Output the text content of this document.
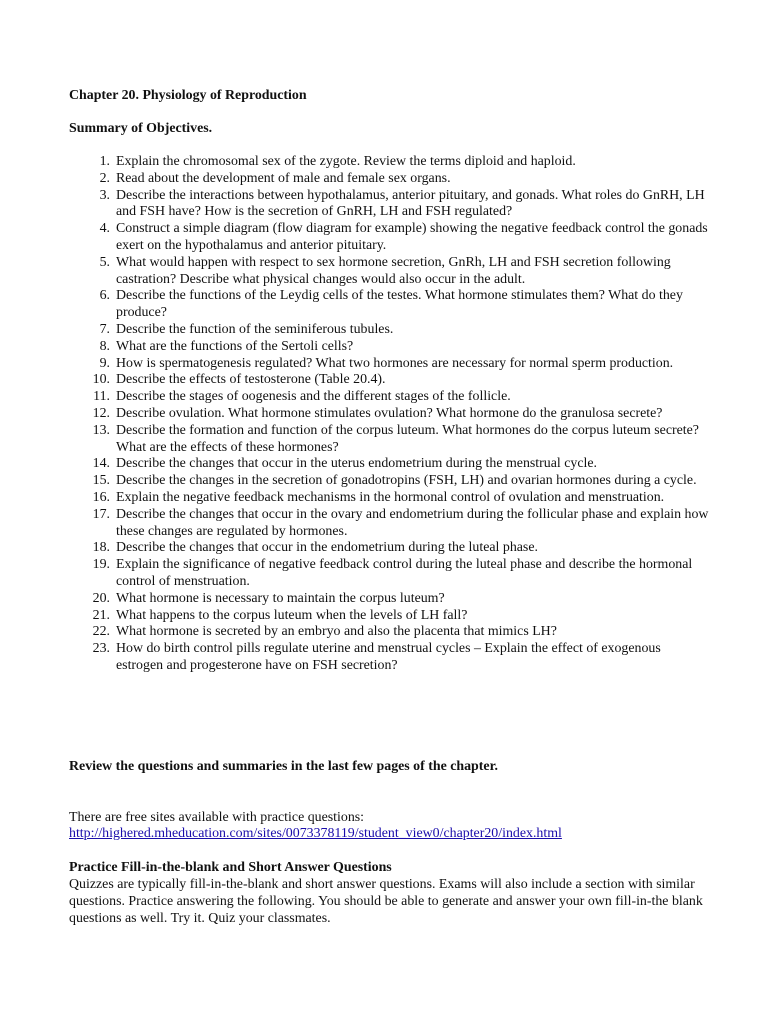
Chapter 20. Physiology of Reproduction
Summary of Objectives.
1. Explain the chromosomal sex of the zygote. Review the terms diploid and haploid.
2. Read about the development of male and female sex organs.
3. Describe the interactions between hypothalamus, anterior pituitary, and gonads. What roles do GnRH, LH and FSH have? How is the secretion of GnRH, LH and FSH regulated?
4. Construct a simple diagram (flow diagram for example) showing the negative feedback control the gonads exert on the hypothalamus and anterior pituitary.
5. What would happen with respect to sex hormone secretion, GnRh, LH and FSH secretion following castration? Describe what physical changes would also occur in the adult.
6. Describe the functions of the Leydig cells of the testes. What hormone stimulates them? What do they produce?
7. Describe the function of the seminiferous tubules.
8. What are the functions of the Sertoli cells?
9. How is spermatogenesis regulated? What two hormones are necessary for normal sperm production.
10. Describe the effects of testosterone (Table 20.4).
11. Describe the stages of oogenesis and the different stages of the follicle.
12. Describe ovulation. What hormone stimulates ovulation? What hormone do the granulosa secrete?
13. Describe the formation and function of the corpus luteum. What hormones do the corpus luteum secrete? What are the effects of these hormones?
14. Describe the changes that occur in the uterus endometrium during the menstrual cycle.
15. Describe the changes in the secretion of gonadotropins (FSH, LH) and ovarian hormones during a cycle.
16. Explain the negative feedback mechanisms in the hormonal control of ovulation and menstruation.
17. Describe the changes that occur in the ovary and endometrium during the follicular phase and explain how these changes are regulated by hormones.
18. Describe the changes that occur in the endometrium during the luteal phase.
19. Explain the significance of negative feedback control during the luteal phase and describe the hormonal control of menstruation.
20. What hormone is necessary to maintain the corpus luteum?
21. What happens to the corpus luteum when the levels of LH fall?
22. What hormone is secreted by an embryo and also the placenta that mimics LH?
23. How do birth control pills regulate uterine and menstrual cycles – Explain the effect of exogenous estrogen and progesterone have on FSH secretion?
Review the questions and summaries in the last few pages of the chapter.
There are free sites available with practice questions:
http://highered.mheducation.com/sites/0073378119/student_view0/chapter20/index.html
Practice Fill-in-the-blank and Short Answer Questions
Quizzes are typically fill-in-the-blank and short answer questions. Exams will also include a section with similar questions. Practice answering the following. You should be able to generate and answer your own fill-in-the blank questions as well. Try it. Quiz your classmates.
